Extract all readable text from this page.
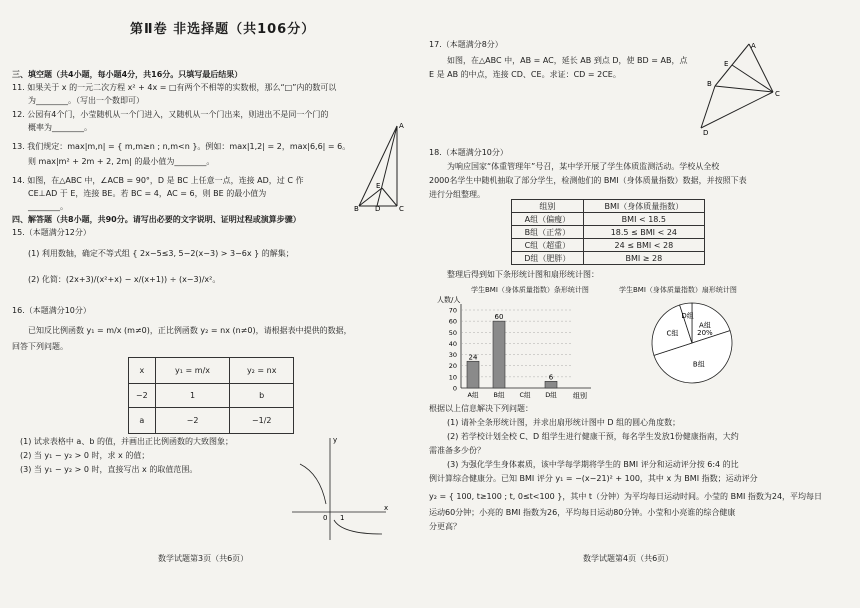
第Ⅱ卷 非选择题（共106分）
三、填空题（共4小题，每小题4分，共16分。只填写最后结果）
11. 如果关于 x 的一元二次方程 x² + 4x = □有两个不相等的实数根，那么“□”内的数可以
为________。（写出一个数即可）
12. 公园有4个门，小莹随机从一个门进入，又随机从一个门出来，则进出不是同一个门的
概率为________。
13. 我们规定：max|m,n| = { m,m≥n ; n,m<n }。例如：max|1,2| = 2，max|6,6| = 6。
则 max|m² + 2m + 2, 2m| 的最小值为________。
14. 如图，在△ABC 中，∠ACB = 90°，D 是 BC 上任意一点，连接 AD，过 C 作
CE⊥AD 于 E，连接 BE。若 BC = 4，AC = 6，则 BE 的最小值为
________。
A
B	C
D
E
四、解答题（共8小题，共90分。请写出必要的文字说明、证明过程或演算步骤）
15.（本题满分12分）
(1) 利用数轴，确定不等式组 { 2x−5≤3, 5−2(x−3) > 3−6x } 的解集；
(2) 化简：(2x+3)/(x²+x) − x/(x+1)) ÷ (x−3)/x²。
16.（本题满分10分）
已知反比例函数 y₁ = m/x (m≠0)，正比例函数 y₂ = nx (n≠0)，请根据表中提供的数据，
回答下列问题。
x	y₁ = m/x	y₂ = nx
−2	1	b
a	−2	−1/2
(1) 试求表格中 a、b 的值，并画出正比例函数的大致图象；
(2) 当 y₁ − y₂ > 0 时，求 x 的值；
(3) 当 y₁ − y₂ > 0 时，直接写出 x 的取值范围。
x
y
0 1
数学试题第3页（共6页）
17.（本题满分8分）
如图，在△ABC 中，AB = AC，延长 AB 到点 D，使 BD = AB，点
E 是 AB 的中点，连接 CD、CE。求证：CD = 2CE。
A
B
C
D
E
18.（本题满分10分）
为响应国家“体重管理年”号召，某中学开展了学生体质监测活动。学校从全校
2000名学生中随机抽取了部分学生，检测他们的 BMI（身体质量指数）数据，并按照下表
进行分组整理。
组别	BMI（身体质量指数）
A组（偏瘦）	BMI < 18.5
B组（正常）	18.5 ≤ BMI < 24
C组（超重）	24 ≤ BMI < 28
D组（肥胖）	BMI ≥ 28
整理后得到如下条形统计图和扇形统计图：
学生BMI（身体质量指数）条形统计图	学生BMI（身体质量指数）扇形统计图
人数/人
组别
0
10
20
30
40
50
60
70
24
A组
60
B组 C组
6
D组
A组
20%
B组
C组
D组
根据以上信息解决下列问题：
(1) 请补全条形统计图，并求出扇形统计图中 D 组的圆心角度数；
(2) 若学校计划全校 C、D 组学生进行健康干预，每名学生发放1份健康指南，大约
需准备多少份？
(3) 为强化学生身体素质，该中学每学期将学生的 BMI 评分和运动评分按 6:4 的比
例计算综合健康分。已知 BMI 评分 y₁ = −(x−21)² + 100，其中 x 为 BMI 指数；运动评分
y₂ = { 100, t≥100 ; t, 0≤t<100 }，其中 t（分钟）为平均每日运动时间。小莹的 BMI 指数为24，平均每日
运动60分钟；小亮的 BMI 指数为26，平均每日运动80分钟。小莹和小亮谁的综合健康
分更高？
数学试题第4页（共6页）
